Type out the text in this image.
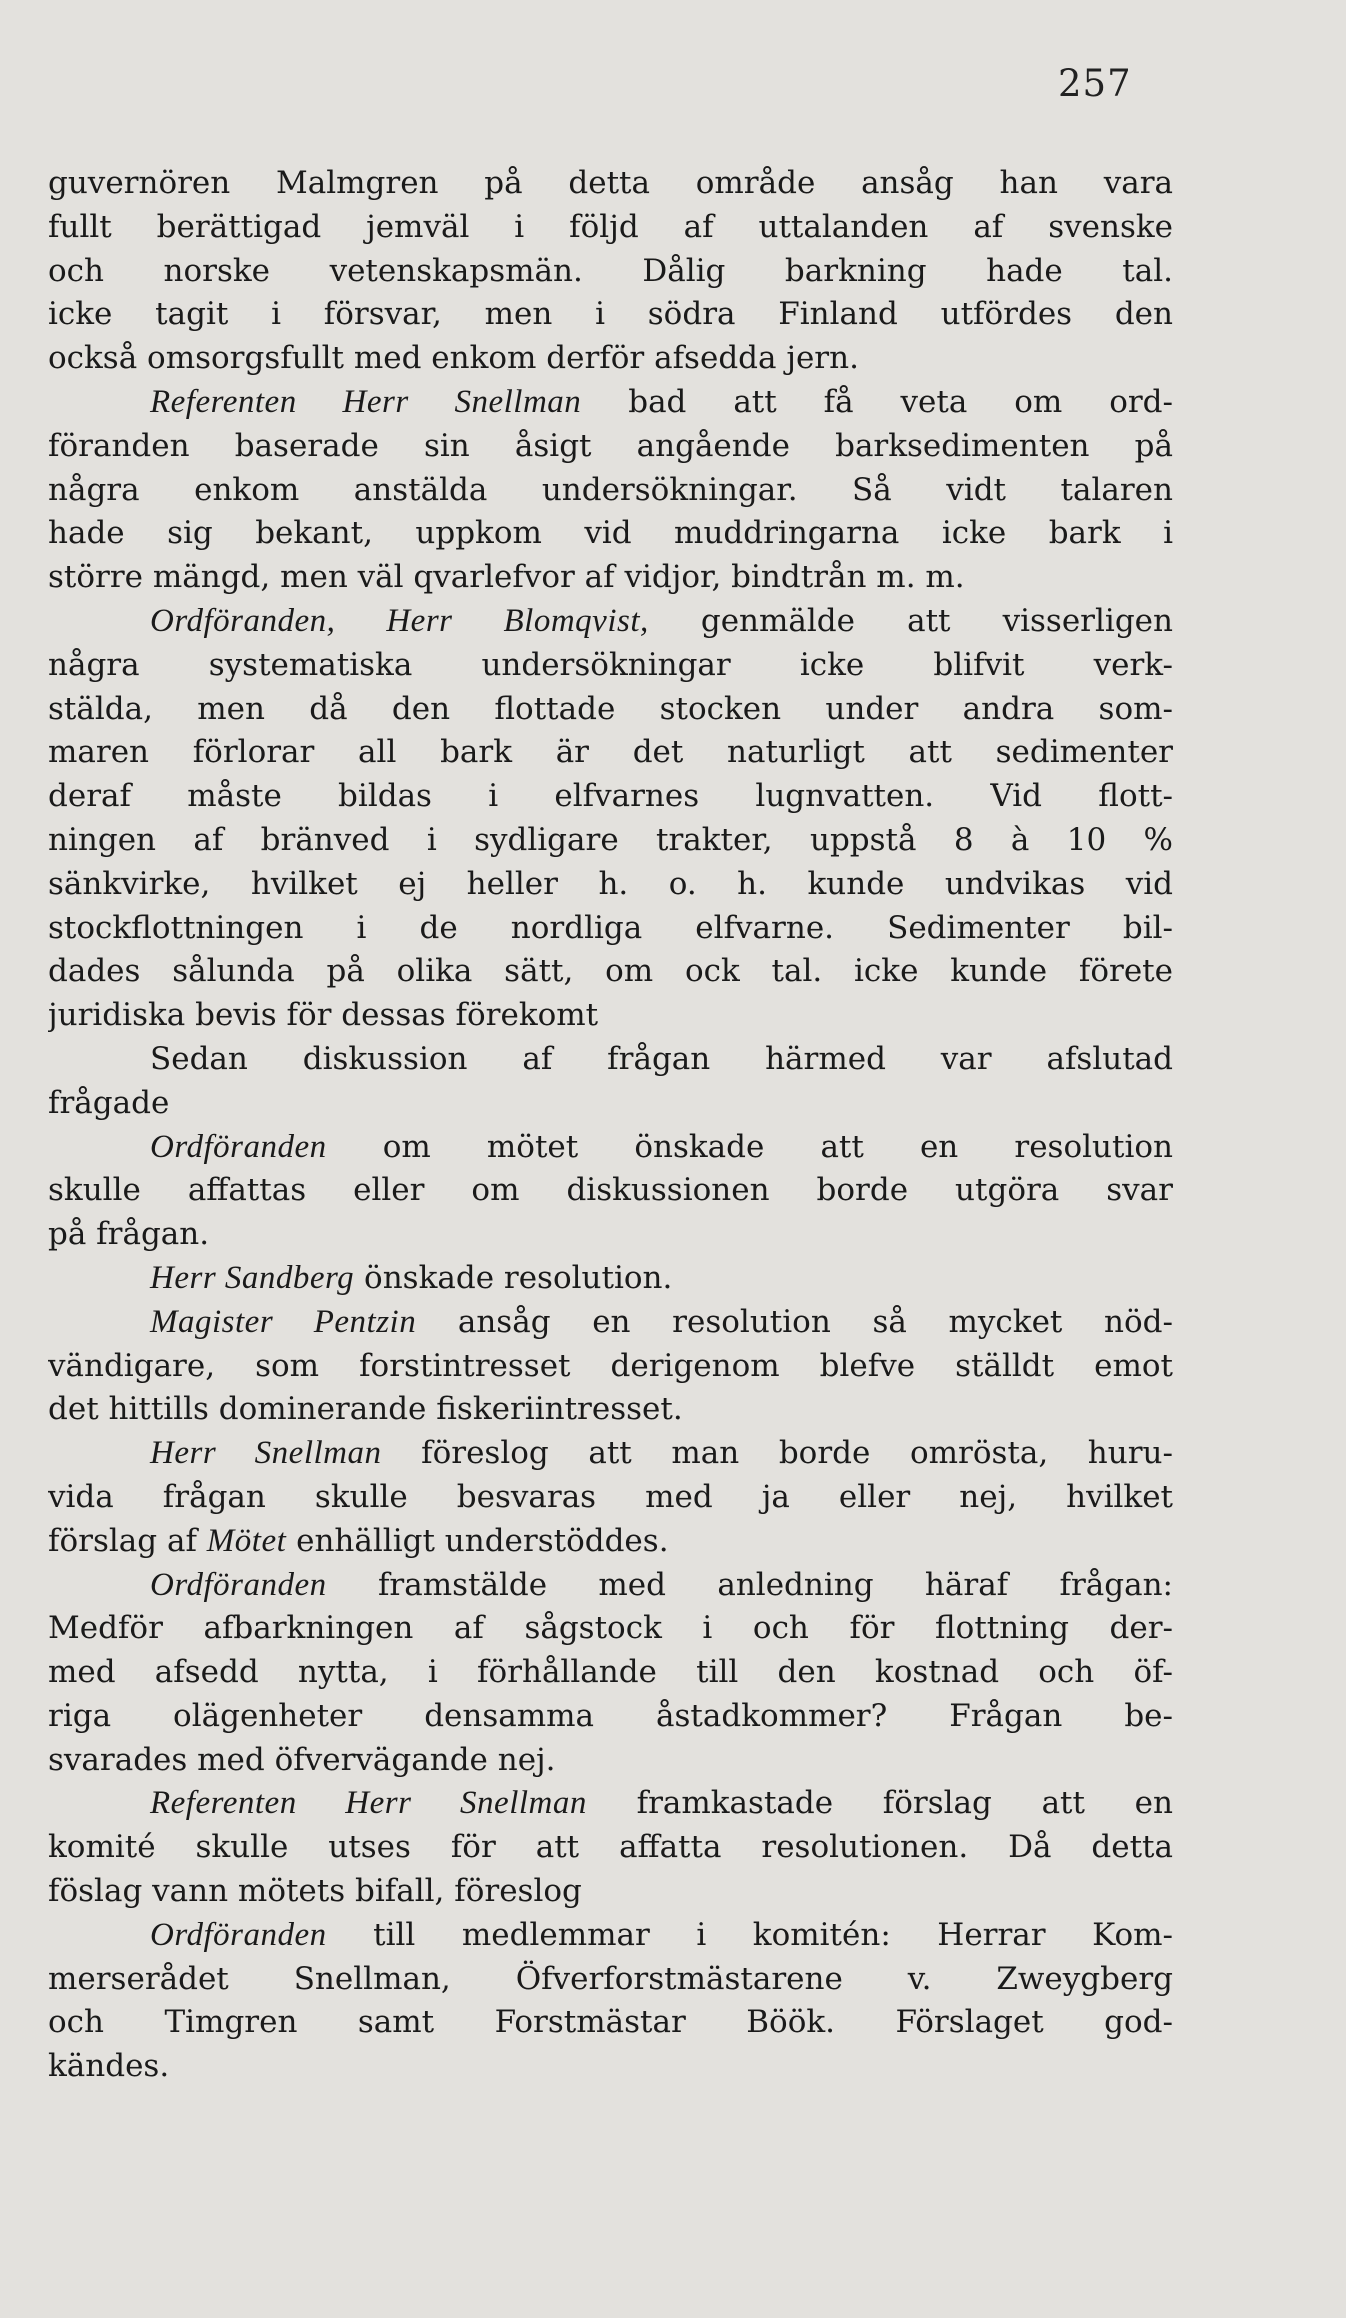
257
guvernören Malmgren på detta område ansåg han vara
fullt berättigad jemväl i följd af uttalanden af svenske
och norske vetenskapsmän. Dålig barkning hade tal.
icke tagit i försvar, men i södra Finland utfördes den
också omsorgsfullt med enkom derför afsedda jern.
Referenten Herr Snellman bad att få veta om ord-
föranden baserade sin åsigt angående barksedimenten på
några enkom anstälda undersökningar. Så vidt talaren
hade sig bekant, uppkom vid muddringarna icke bark i
större mängd, men väl qvarlefvor af vidjor, bindtrån m. m.
Ordföranden, Herr Blomqvist, genmälde att visserligen
några systematiska undersökningar icke blifvit verk-
stälda, men då den flottade stocken under andra som-
maren förlorar all bark är det naturligt att sedimenter
deraf måste bildas i elfvarnes lugnvatten. Vid flott-
ningen af bränved i sydligare trakter, uppstå 8 à 10 %
sänkvirke, hvilket ej heller h. o. h. kunde undvikas vid
stockflottningen i de nordliga elfvarne. Sedimenter bil-
dades sålunda på olika sätt, om ock tal. icke kunde förete
juridiska bevis för dessas förekomt
Sedan diskussion af frågan härmed var afslutad
frågade
Ordföranden om mötet önskade att en resolution
skulle affattas eller om diskussionen borde utgöra svar
på frågan.
Herr Sandberg önskade resolution.
Magister Pentzin ansåg en resolution så mycket nöd-
vändigare, som forstintresset derigenom blefve ställdt emot
det hittills dominerande fiskeriintresset.
Herr Snellman föreslog att man borde omrösta, huru-
vida frågan skulle besvaras med ja eller nej, hvilket
förslag af Mötet enhälligt understöddes.
Ordföranden framstälde med anledning häraf frågan:
Medför afbarkningen af sågstock i och för flottning der-
med afsedd nytta, i förhållande till den kostnad och öf-
riga olägenheter densamma åstadkommer? Frågan be-
svarades med öfvervägande nej.
Referenten Herr Snellman framkastade förslag att en
komité skulle utses för att affatta resolutionen. Då detta
föslag vann mötets bifall, föreslog
Ordföranden till medlemmar i komitén: Herrar Kom-
merserådet Snellman, Öfverforstmästarene v. Zweygberg
och Timgren samt Forstmästar Böök. Förslaget god-
kändes.
